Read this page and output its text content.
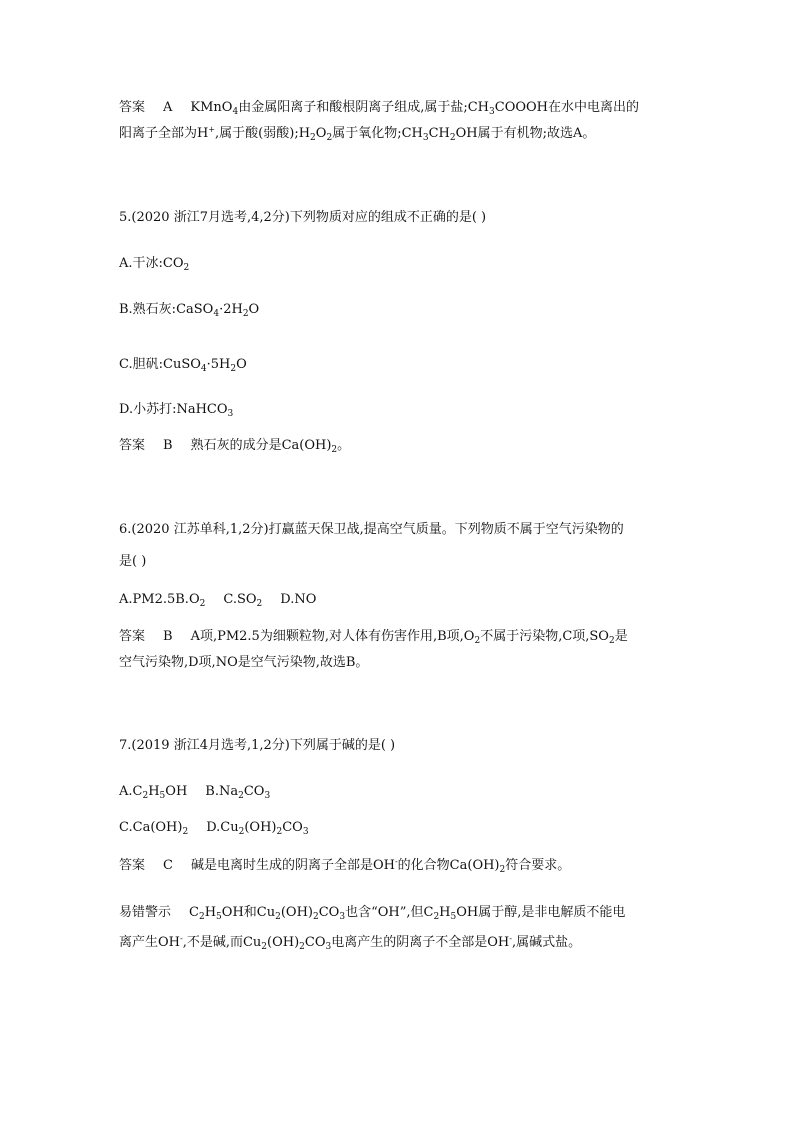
答案 A KMnO$_4$由金属阳离子和酸根阴离子组成,属于盐$;CH_3COOOH$在水中电离出的
阳离子全部为H+,属于酸(弱酸)$;H_2O_2$属于氧化物$;CH_3CH_2OH$属于有机物;故选A。
5.(2020 浙江7月选考,4,2分)下列物质对应的组成不正确的是( )
A.干冰$:CO_2$
B.熟石灰$:CaSO_4\cdot 2H_2O$
C.胆矾$:CuSO_4\cdot 5H_2O$
D.小苏打:NaHCO$_3$
答案 B 熟石灰的成分是$Ca(OH)_2$。
6.(2020 江苏单科,1,2分)打赢蓝天保卫战,提高空气质量。下列物质不属于空气污染物的
是( )
$A.PM2.5B.O_2$ $C.SO_2$ D.NO
答案 B A项,PM2.5为细颗粒物,对人体有伤害作用,B项$,O_2$不属于污染物,C项$,SO_2$是
空气污染物,D项,NO是空气污染物,故选B。
7.(2019 浙江4月选考,1,2分)下列属于碱的是( )
$A.C_2H_5OH$ $B.Na_2CO_3$
$C.Ca(OH)_2$ $D.Cu_2(OH)_2CO_3$
答案 C 碱是电离时生成的阴离子全部是OH-的化合物$Ca(OH)_2$符合要求。
易错警示 $C_2H_5OH$和$Cu_2(OH)_2CO_3$也含“OH”,但$C_2H_5OH$属于醇,是非电解质不能电
离产生OH-,不是碱,而$Cu_2(OH)_2CO_3$电离产生的阴离子不全部是OH-,属碱式盐。
